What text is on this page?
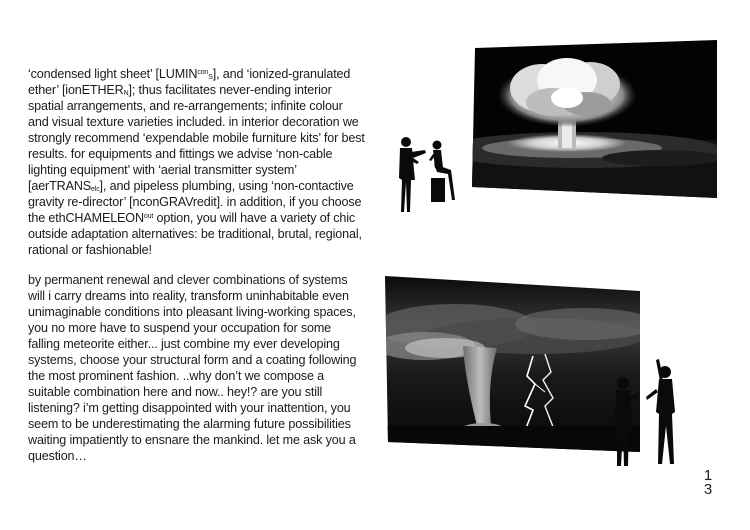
‘condensed light sheet’ $[LUMIN^{con}_S]$, and ‘ionized-granulated ether’ [ionETHER$_N$]; thus facilitates never-ending interior spatial arrangements, and re-arrangements; infinite colour and visual texture varieties included. in interior decoration we strongly recommend ‘expendable mobile furniture kits’ for best results. for equipments and fittings we advise ‘non-cable lighting equipment’ with ‘aerial transmitter system’ [aerTRANS$_{elc}$], and pipeless plumbing, using ‘non-contactive gravity re-director’ [nconGRAVredit]. in addition, if you choose the ethCHAMELEON$^{out}$ option, you will have a variety of chic outside adaptation alternatives: be traditional, brutal, regional, rational or fashionable!

by permanent renewal and clever combinations of systems will i carry dreams into reality, transform uninhabitable even unimaginable conditions into pleasant living-working spaces, you no more have to suspend your occupation for some falling meteorite either... just combine my ever developing systems, choose your structural form and a coating following the most prominent fashion. ..why don’t we compose a suitable combination here and now.. hey!? are you still listening? i’m getting disappointed with your inattention, you seem to be underestimating the alarming future possibilities waiting impatiently to ensnare the mankind. let me ask you a question…

1
3
